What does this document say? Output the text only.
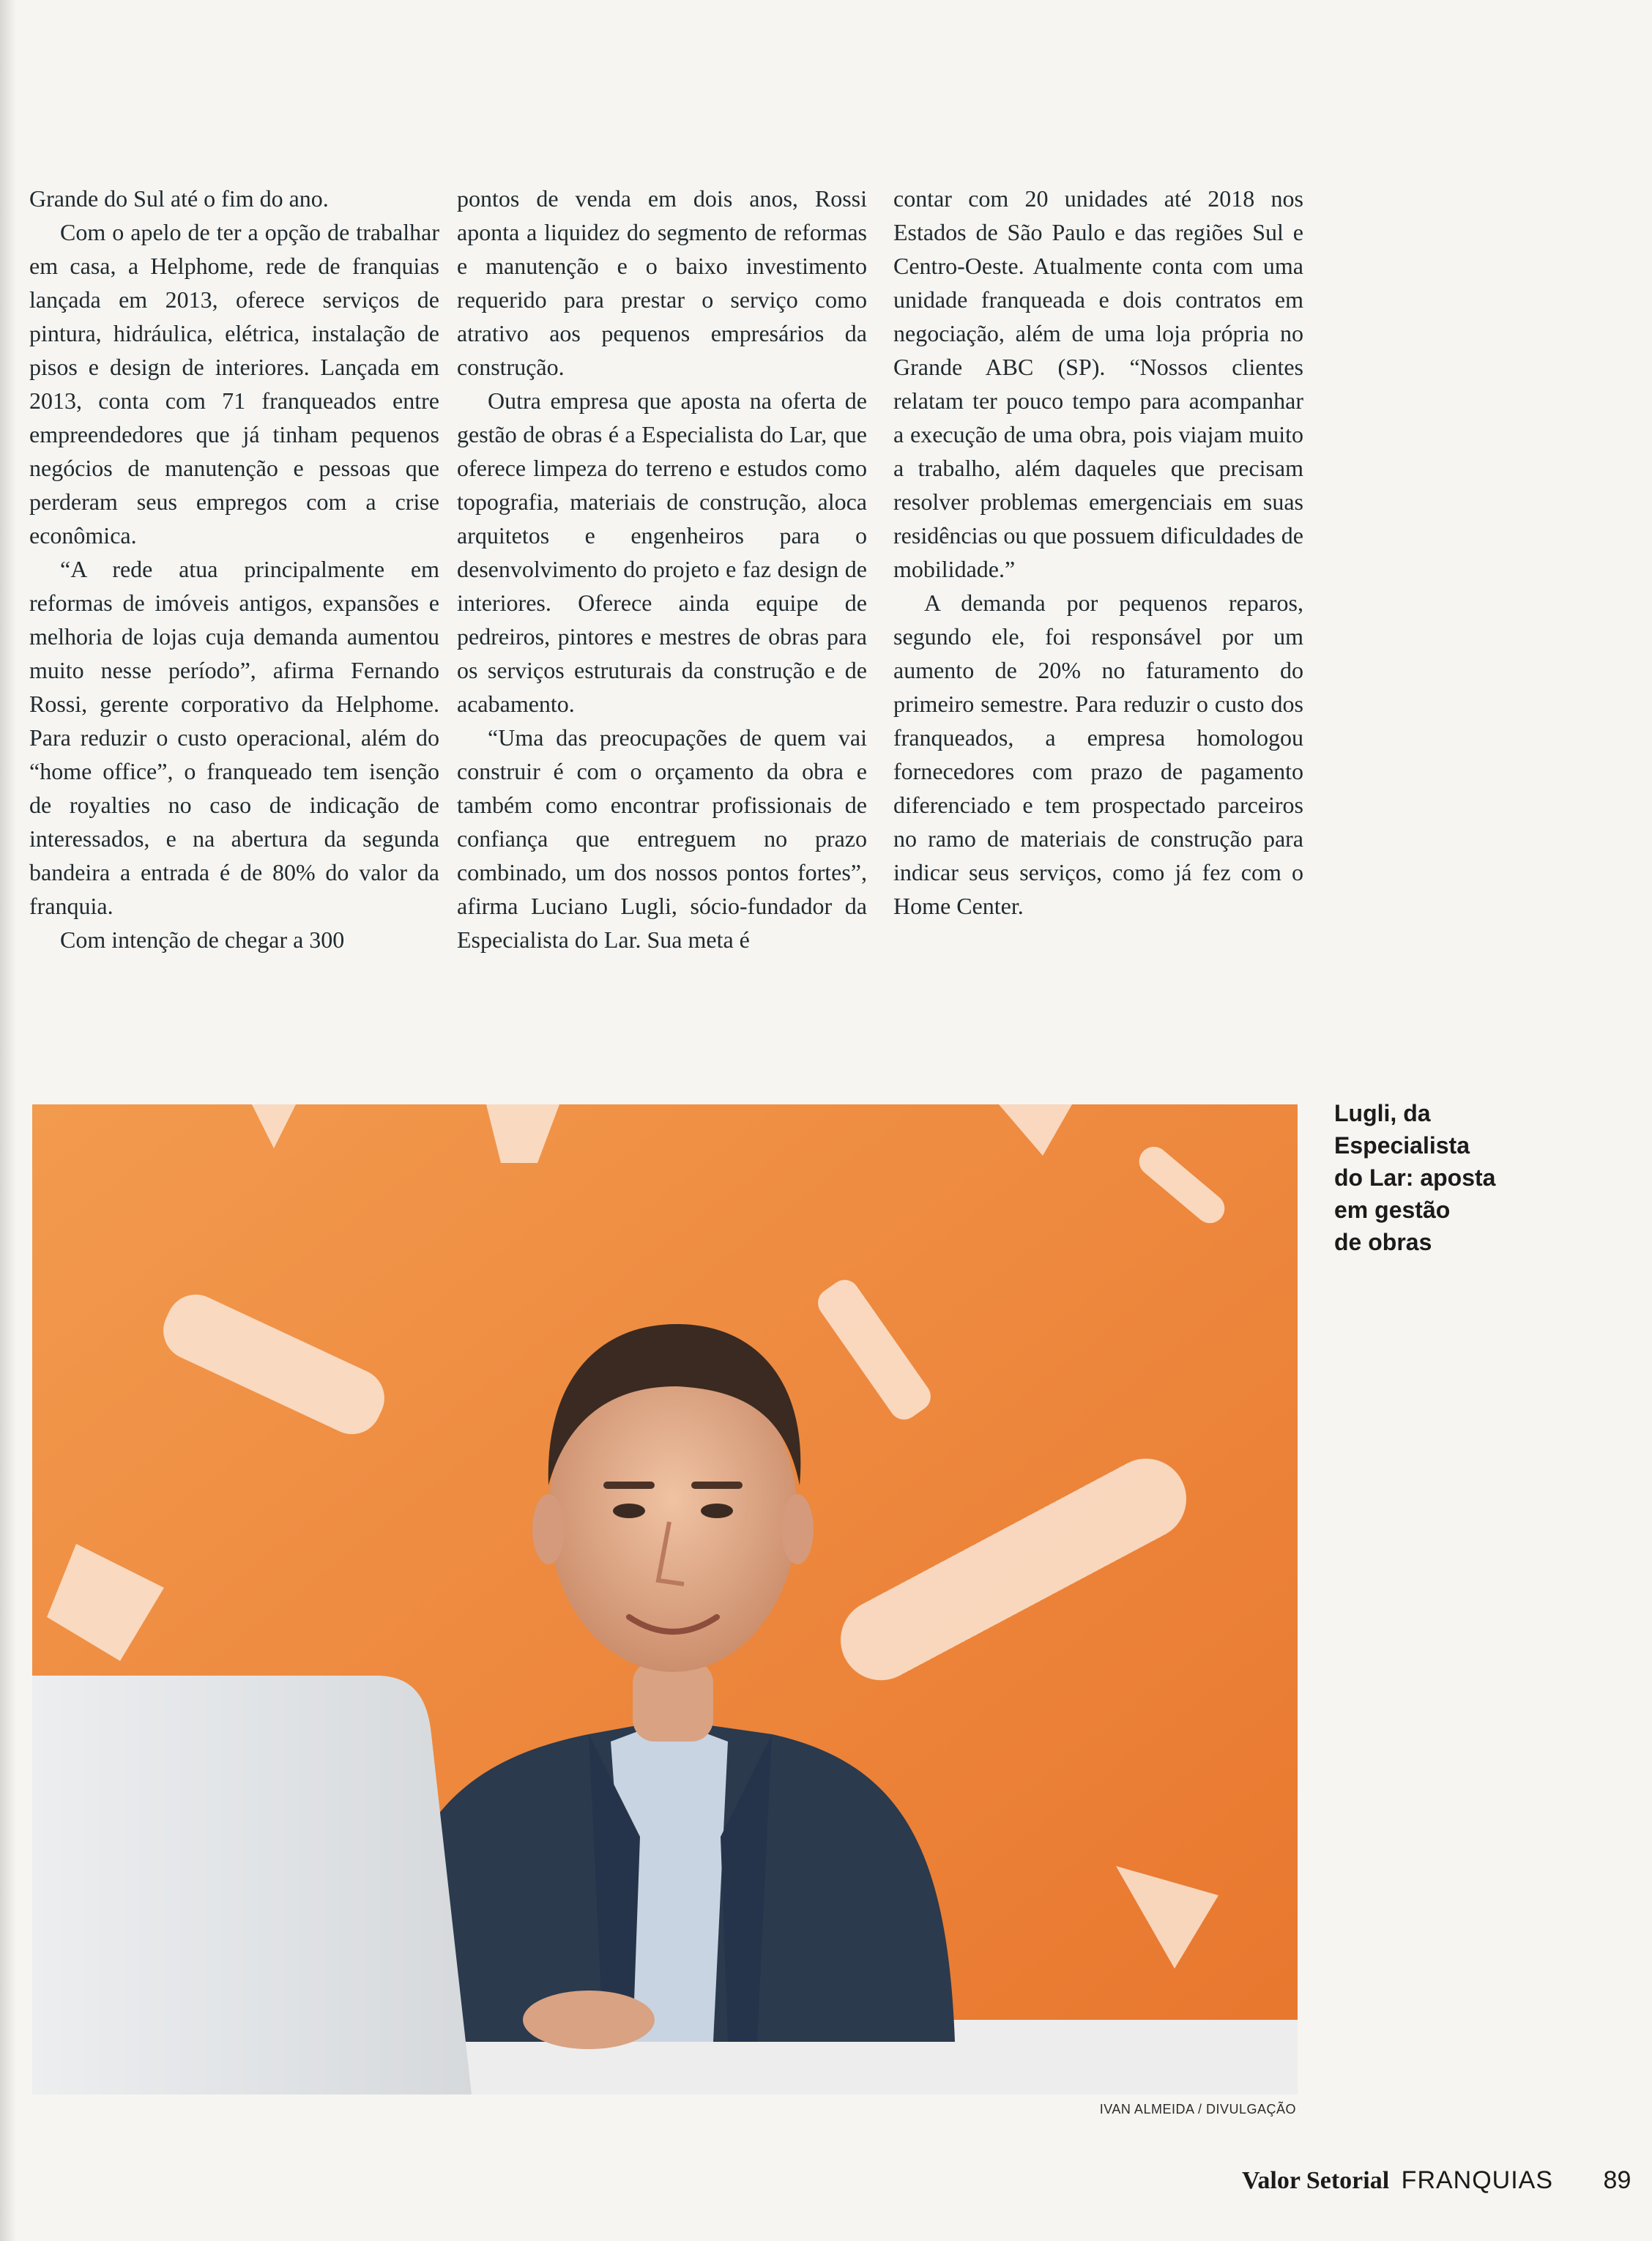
Grande do Sul até o fim do ano.

Com o apelo de ter a opção de trabalhar em casa, a Helphome, rede de franquias lançada em 2013, oferece serviços de pintura, hidráulica, elétrica, instalação de pisos e design de interiores. Lançada em 2013, conta com 71 franqueados entre empreendedores que já tinham pequenos negócios de manutenção e pessoas que perderam seus empregos com a crise econômica.

“A rede atua principalmente em reformas de imóveis antigos, expansões e melhoria de lojas cuja demanda aumentou muito nesse período”, afirma Fernando Rossi, gerente corporativo da Helphome. Para reduzir o custo operacional, além do “home office”, o franqueado tem isenção de royalties no caso de indicação de interessados, e na abertura da segunda bandeira a entrada é de 80% do valor da franquia.

Com intenção de chegar a 300

pontos de venda em dois anos, Rossi aponta a liquidez do segmento de reformas e manutenção e o baixo investimento requerido para prestar o serviço como atrativo aos pequenos empresários da construção.

Outra empresa que aposta na oferta de gestão de obras é a Especialista do Lar, que oferece limpeza do terreno e estudos como topografia, materiais de construção, aloca arquitetos e engenheiros para o desenvolvimento do projeto e faz design de interiores. Oferece ainda equipe de pedreiros, pintores e mestres de obras para os serviços estruturais da construção e de acabamento.

“Uma das preocupações de quem vai construir é com o orçamento da obra e também como encontrar profissionais de confiança que entreguem no prazo combinado, um dos nossos pontos fortes”, afirma Luciano Lugli, sócio-fundador da Especialista do Lar. Sua meta é

contar com 20 unidades até 2018 nos Estados de São Paulo e das regiões Sul e Centro-Oeste. Atualmente conta com uma unidade franqueada e dois contratos em negociação, além de uma loja própria no Grande ABC (SP). “Nossos clientes relatam ter pouco tempo para acompanhar a execução de uma obra, pois viajam muito a trabalho, além daqueles que precisam resolver problemas emergenciais em suas residências ou que possuem dificuldades de mobilidade.”

A demanda por pequenos reparos, segundo ele, foi responsável por um aumento de 20% no faturamento do primeiro semestre. Para reduzir o custo dos franqueados, a empresa homologou fornecedores com prazo de pagamento diferenciado e tem prospectado parceiros no ramo de materiais de construção para indicar seus serviços, como já fez com o Home Center.

IVAN ALMEIDA / DIVULGAÇÃO
Lugli, da
Especialista
do Lar: aposta
em gestão
de obras
Valor Setorial FRANQUIAS 89
